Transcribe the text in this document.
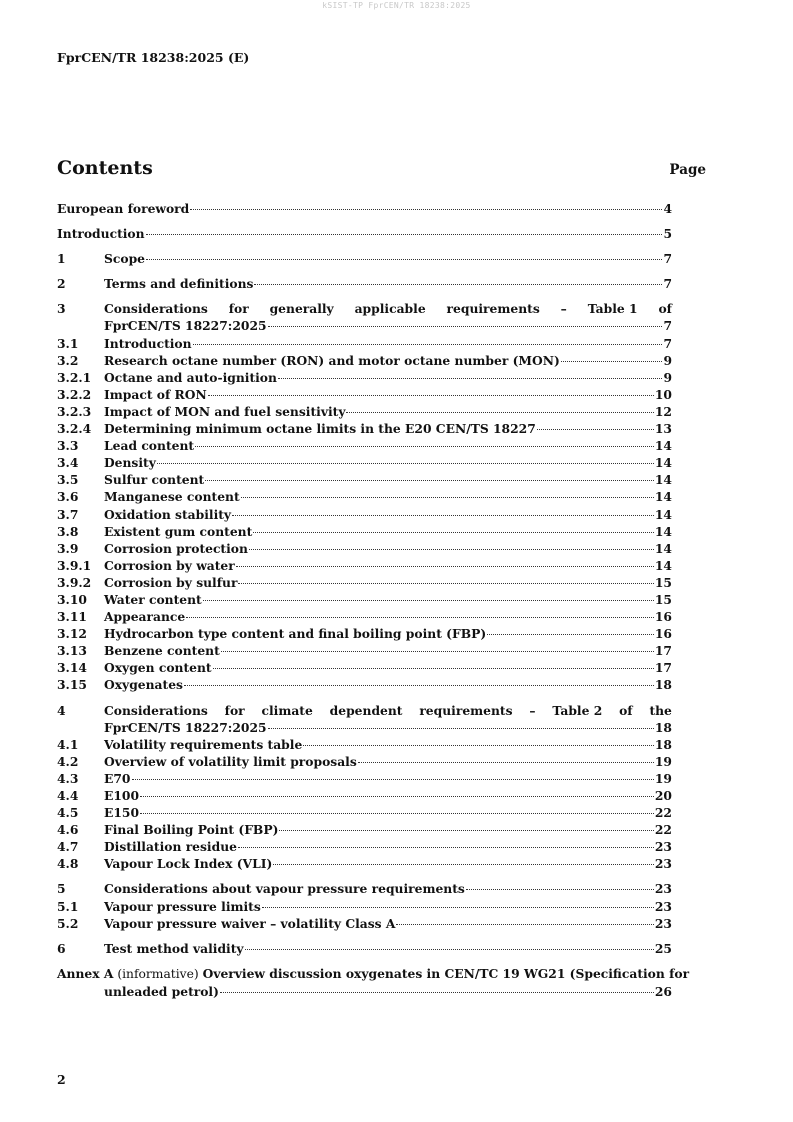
kSIST-TP FprCEN/TR 18238:2025
FprCEN/TR 18238:2025 (E)
Contents	Page
European foreword	4
Introduction	5
1	Scope	7
2	Terms and definitions	7
3	Considerations for generally applicable requirements – Table 1 of
FprCEN/TS 18227:2025	7
3.1	Introduction	7
3.2	Research octane number (RON) and motor octane number (MON)	9
3.2.1	Octane and auto-ignition	9
3.2.2	Impact of RON	10
3.2.3	Impact of MON and fuel sensitivity	12
3.2.4	Determining minimum octane limits in the E20 CEN/TS 18227	13
3.3	Lead content	14
3.4	Density	14
3.5	Sulfur content	14
3.6	Manganese content	14
3.7	Oxidation stability	14
3.8	Existent gum content	14
3.9	Corrosion protection	14
3.9.1	Corrosion by water	14
3.9.2	Corrosion by sulfur	15
3.10	Water content	15
3.11	Appearance	16
3.12	Hydrocarbon type content and final boiling point (FBP)	16
3.13	Benzene content	17
3.14	Oxygen content	17
3.15	Oxygenates	18
4	Considerations for climate dependent requirements – Table 2 of the
FprCEN/TS 18227:2025	18
4.1	Volatility requirements table	18
4.2	Overview of volatility limit proposals	19
4.3	E70	19
4.4	E100	20
4.5	E150	22
4.6	Final Boiling Point (FBP)	22
4.7	Distillation residue	23
4.8	Vapour Lock Index (VLI)	23
5	Considerations about vapour pressure requirements	23
5.1	Vapour pressure limits	23
5.2	Vapour pressure waiver – volatility Class A	23
6	Test method validity	25
Annex A (informative) Overview discussion oxygenates in CEN/TC 19 WG21 (Specification for
unleaded petrol)	26
2
